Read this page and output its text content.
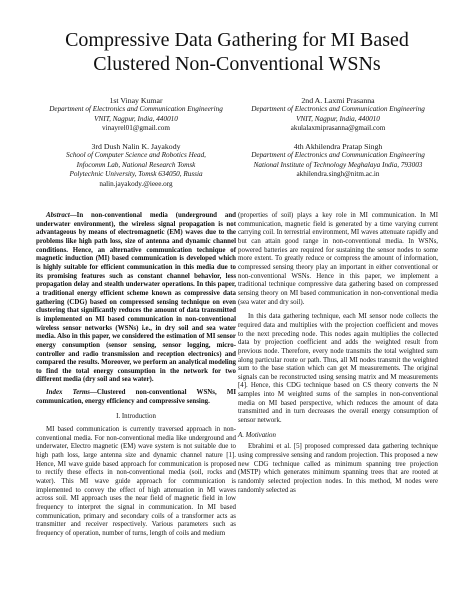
Compressive Data Gathering for MI Based
Clustered Non-Conventional WSNs
1st Vinay Kumar
Department of Electronics and Communication Engineering
VNIT, Nagpur, India, 440010
vinayrel01@gmail.com
2nd A. Laxmi Prasanna
Department of Electronics and Communication Engineering
VNIT, Nagpur, India, 440010
akulalaxmiprasanna@gmail.com
3rd Dush Nalin K. Jayakody
School of Computer Science and Robotics Head,
Infocomm Lab, National Research Tomsk
Polytechnic University, Tomsk 634050, Russia
nalin.jayakody.@ieee.org
4th Akhilendra Pratap Singh
Department of Electronics and Communication Engineering
National Institute of Technology Meghalaya India, 793003
akhilendra.singh@nitm.ac.in
Abstract—In non-conventional media (underground and underwater environment), the wireless signal propagation is not advantageous by means of electromagnetic (EM) waves due to the problems like high path loss, size of antenna and dynamic channel conditions. Hence, an alternative communication technique of magnetic induction (MI) based communication is developed which is highly suitable for efficient communication in this media due to its promising features such as constant channel behavior, less propagation delay and stealth underwater operations. In this paper, a traditional energy efficient scheme known as compressive data gathering (CDG) based on compressed sensing technique on even clustering that significantly reduces the amount of data transmitted is implemented on MI based communication in non-conventional wireless sensor networks (WSNs) i.e., in dry soil and sea water media. Also in this paper, we considered the estimation of MI sensor energy consumption (sensor sensing, sensor logging, micro-controller and radio transmission and reception electronics) and compared the results. Moreover, we perform an analytical modeling to find the total energy consumption in the network for two different media (dry soil and sea water).
Index Terms—Clustered non-conventional WSNs, MI communication, energy efficiency and compressive sensing.
I. Introduction
MI based communication is currently traversed approach in non-conventional media. For non-conventional media like underground and underwater, Electro magnetic (EM) wave system is not suitable due to high path loss, large antenna size and dynamic channel nature [1]. Hence, MI wave guide based approach for communication is proposed to rectify these effects in non-conventional media (soil, rocks and water). This MI wave guide approach for communication is implemented to convey the effect of high attenuation in MI waves across soil. MI approach uses the near field of magnetic field in low frequency to interpret the signal in communication. In MI based communication, primary and secondary coils of a transformer acts as transmitter and receiver respectively. Various parameters such as frequency of operation, number of turns, length of coils and medium
(properties of soil) plays a key role in MI communication. In MI communication, magnetic field is generated by a time varying current carrying coil. In terrestrial environment, MI waves attenuate rapidly and but can attain good range in non-conventional media. In WSNs, powered batteries are required for sustaining the sensor nodes to some more extent. To greatly reduce or compress the amount of information, compressed sensing theory play an important in either conventional or non-conventional WSNs. Hence in this paper, we implement a traditional technique compressive data gathering based on compressed sensing theory on MI based communication in non-conventional media (sea water and dry soil).
In this data gathering technique, each MI sensor node collects the required data and multiplies with the projection coefficient and moves to the next preceding node. This nodes again multiplies the collected data by projection coefficient and adds the weighted result from previous node. Therefore, every node transmits the total weighted sum along particular route or path. Thus, all MI nodes transmit the weighted sum to the base station which can get M measurements. The original signals can be reconstructed using sensing matrix and M measurements [4]. Hence, this CDG technique based on CS theory converts the N samples into M weighted sums of the samples in non-conventional media on MI based perspective, which reduces the amount of data transmitted and in turn decreases the overall energy consumption of sensor network.
A. Motivation
Ebrahimi et al. [5] proposed compressed data gathering technique using compressive sensing and random projection. This proposed a new new CDG technique called as minimum spanning tree projection (MSTP) which generates minimum spanning trees that are rooted at randomly selected projection nodes. In this method, M nodes were randomly selected as
